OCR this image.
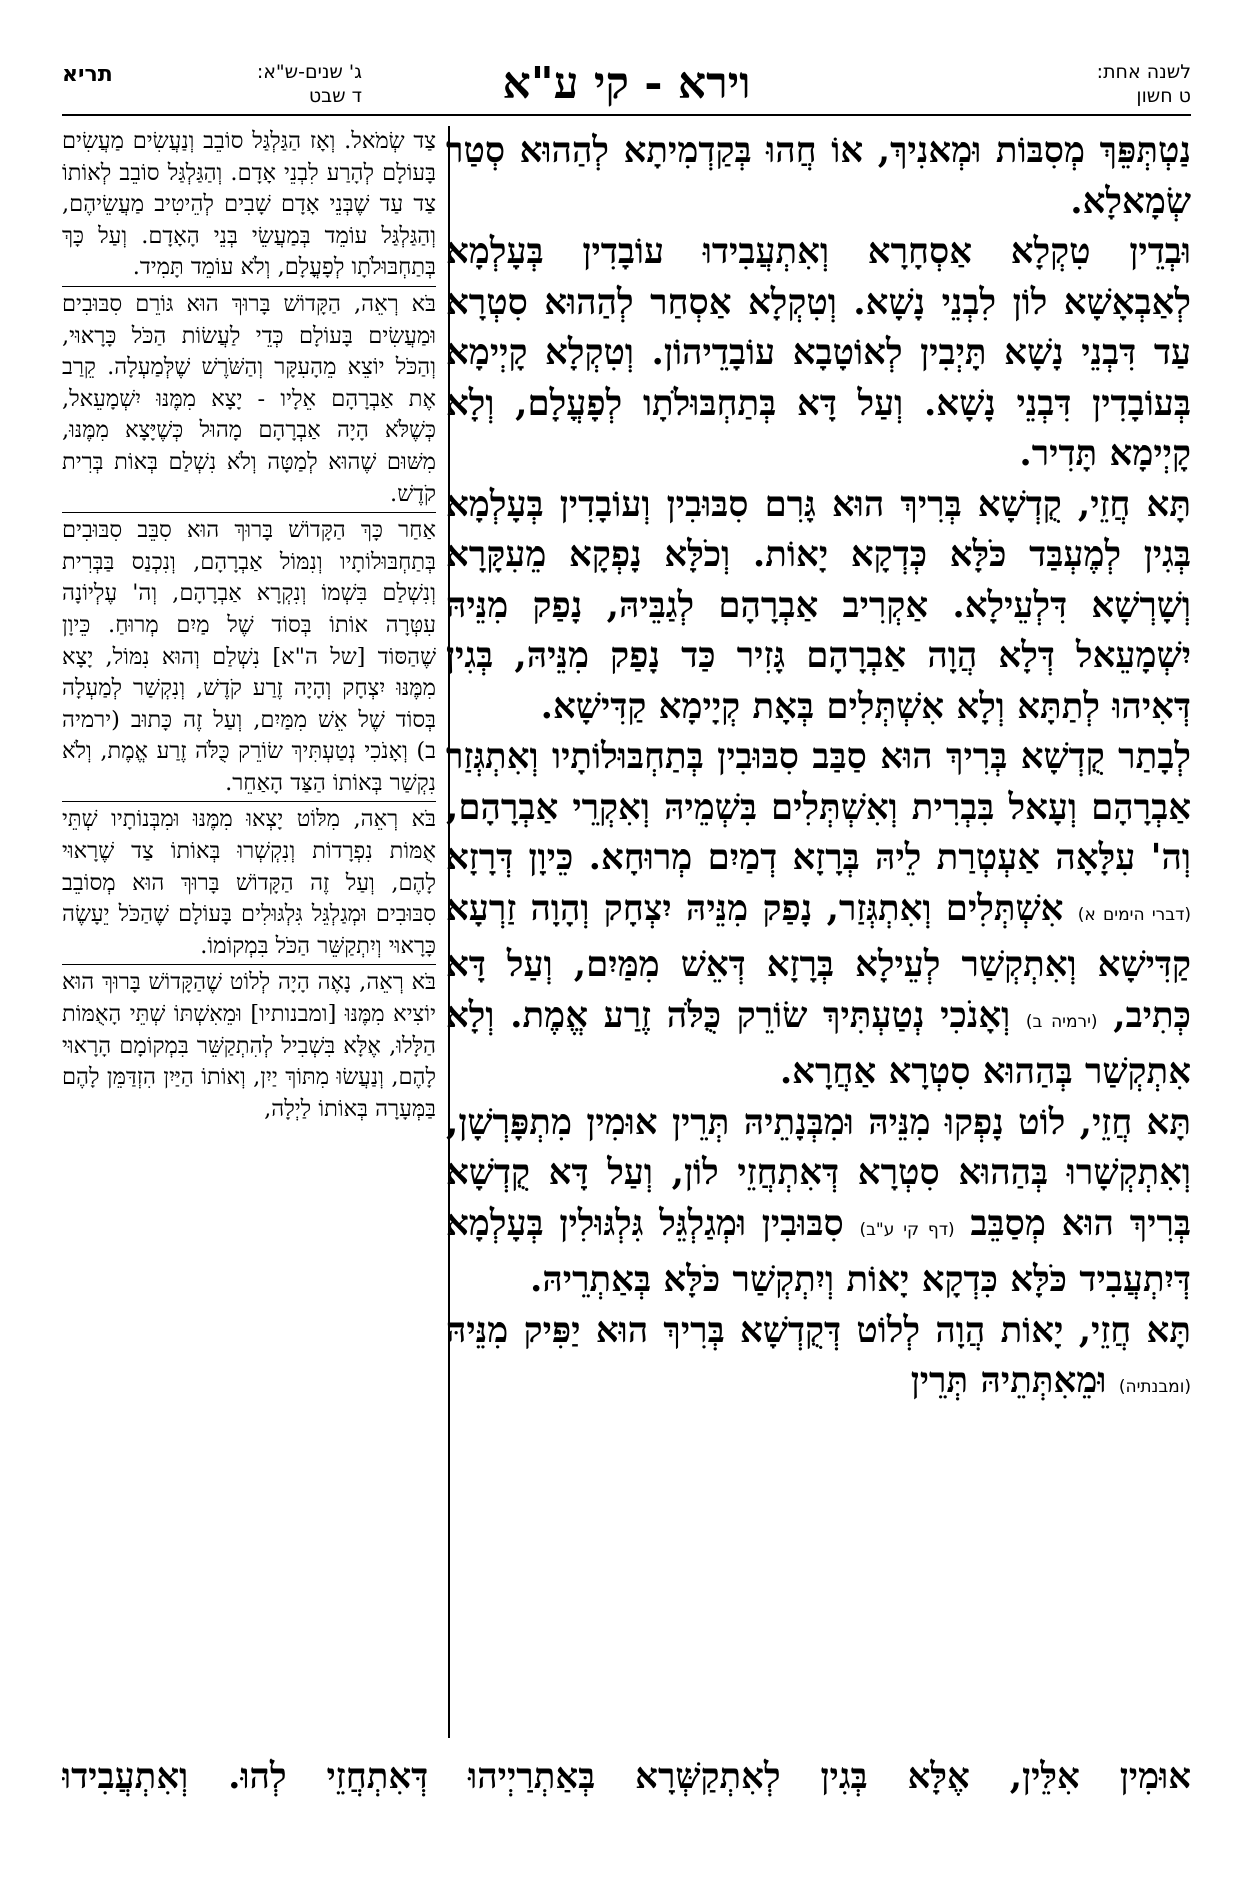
לשנה אחת:
ט חשון
וירא - קי ע"א
ג' שנים-ש"א:
ד שבט
תריא

נַטְתְּפֵּךְ מְסִבּוֹת וּמְאנִיךְ, אוֹ חֲהוּ בְּקַדְמִיתָא לְהַהוּא סְטַר שְׂמָאלָא.

וּבְדֵין טִקְלָא אַסְחָרָא וְאִתְעֲבִידוּ עוֹבָדִין בְּעָלְמָא לְאַבְאָשָׁא לוֹן לִבְנֵי נָשָׁא. וְטִקְלָא אַסְחַר לְהַהוּא סִטְרָא עַד דִּבְנֵי נָשָׁא תָּיְבִין לְאוֹטָבָא עוֹבָדֵיהוֹן. וְטִקְלָא קָיְימָא בְּעוֹבָדִין דִּבְנֵי נָשָׁא. וְעַל דָּא בְּתַחְבּוּלֹתָו לְפָעֳלָם, וְלָא קָיְימָא תָּדִיר.

תָּא חֲזֵי, קֻדְשָׁא בְּרִיךְ הוּא גָּרִם סִבּוּבִין וְעוֹבָדִין בְּעָלְמָא בְּגִין לְמֶעְבַּד כֹּלָּא כְּדְקָא יָאוֹת. וְכֹלָּא נָפְקָא מֵעִקָּרָא וְשָׁרְשָׁא דִּלְעֵילָא. אַקְרִיב אַבְרָהָם לְגַבֵּיהּ, נָפַק מִנֵּיהּ יִשְׁמָעֵאל דְּלָא הֲוָה אַבְרָהָם גָּזִיר כַּד נָפַק מִנֵּיהּ, בְּגִין דְּאִיהוּ לְתַתָּא וְלָא אִשְׁתְּלִים בְּאָת קְיָימָא קַדִּישָׁא.

לְבָתַר קֻדְשָׁא בְּרִיךְ הוּא סַבַּב סִבּוּבִין בְּתַחְבּוּלוֹתָיו וְאִתְגְּזַר אַבְרָהָם וְעָאל בִּבְרִית וְאִשְׁתְּלִים בִּשְׁמֵיהּ וְאִקְרֵי אַבְרָהָם, וְה' עִלָּאָה אַעְטְרַת לֵיהּ בְּרָזָא דְמַיִם מְרוּחָא. כֵּיוָן דְּרָזָא (דברי הימים א) אִשְׁתְּלִים וְאִתְגְּזַר, נָפַק מִנֵּיהּ יִצְחָק וְהָוָה זַרְעָא קַדִּישָׁא וְאִתְקְשַׁר לְעֵילָא בְּרָזָא דְּאֵשׁ מִמַּיִם, וְעַל דָּא כְּתִיב, (ירמיה ב) וְאָנֹכִי נְטַעְתִּיךְ שׂוֹרֵק כֻּלֹּה זֶרַע אֱמֶת. וְלָא אִתְקְשַׁר בְּהַהוּא סִטְרָא אַחֲרָא.

תָּא חֲזֵי, לוֹט נָפְקוּ מִנֵּיהּ וּמִבְּנָתֵיהּ תְּרֵין אוּמִין מִתְפָּרְשָׁן, וְאִתְקְשָׁרוּ בְּהַהוּא סִטְרָא דְּאִתְחֲזֵי לוֹן, וְעַל דָּא קֻדְשָׁא בְּרִיךְ הוּא מְסַבֵּב (דף קי ע"ב) סִבּוּבִין וּמְגַלְגֵּל גִּלְגּוּלִין בְּעָלְמָא דְּיִתְעֲבִיד כֹּלָּא כִּדְקָא יָאוֹת וְיִתְקְשַׁר כֹּלָּא בְּאַתְרֵיהּ.

תָּא חֲזֵי, יָאוֹת הֲוָה לְלוֹט דְּקֻדְשָׁא בְּרִיךְ הוּא יַפִּיק מִנֵּיהּ (ומבנתיה) וּמֵאִתְּתֵיהּ תְּרֵין

צַד שְׂמֹאל. וְאָז הַגַּלְגַּל סוֹבֵב וְנַעֲשִׂים מַעֲשִׂים בָּעוֹלָם לְהָרַע לִבְנֵי אָדָם. וְהַגַּלְגַּל סוֹבֵב לְאוֹתוֹ צַד עַד שֶׁבְּנֵי אָדָם שָׁבִים לְהֵיטִיב מַעֲשֵׂיהֶם, וְהַגַּלְגַּל עוֹמֵד בְּמַעֲשֵׂי בְּנֵי הָאָדָם. וְעַל כָּךְ בְּתַחְבּוּלֹתָו לְפָעֳלָם, וְלֹא עוֹמֵד תָּמִיד.

בֹּא רְאֵה, הַקָּדוֹשׁ בָּרוּךְ הוּא גּוֹרֵם סִבּוּבִים וּמַעֲשִׂים בָּעוֹלָם כְּדֵי לַעֲשׂוֹת הַכֹּל כָּרָאוּי, וְהַכֹּל יוֹצֵא מֵהָעִקָּר וְהַשֹּׁרֶשׁ שֶׁלְּמַעְלָה. קֵרַב אֶת אַבְרָהָם אֵלָיו - יָצָא מִמֶּנּוּ יִשְׁמָעֵאל, כְּשֶׁלֹּא הָיָה אַבְרָהָם מָהוּל כְּשֶׁיָּצָא מִמֶּנּוּ, מִשּׁוּם שֶׁהוּא לְמַטָּה וְלֹא נִשְׁלַם בְּאוֹת בְּרִית קֹדֶשׁ.

אַחַר כָּךְ הַקָּדוֹשׁ בָּרוּךְ הוּא סִבֵּב סִבּוּבִים בְּתַחְבּוּלוֹתָיו וְנִמּוֹל אַבְרָהָם, וְנִכְנַס בַּבְּרִית וְנִשְׁלַם בִּשְׁמוֹ וְנִקְרָא אַבְרָהָם, וְה' עֶלְיוֹנָה עִטְּרָה אוֹתוֹ בְּסוֹד שֶׁל מַיִם מְרוּחַ. כֵּיוָן שֶׁהַסּוֹד [של ה"א] נִשְׁלַם וְהוּא נִמּוֹל, יָצָא מִמֶּנּוּ יִצְחָק וְהָיָה זֶרַע קֹדֶשׁ, וְנִקְשַׁר לְמַעְלָה בְּסוֹד שֶׁל אֵשׁ מִמַּיִם, וְעַל זֶה כָּתוּב (ירמיה ב) וְאָנֹכִי נְטַעְתִּיךְ שׂוֹרֵק כֻּלֹּה זֶרַע אֱמֶת, וְלֹא נִקְשַׁר בְּאוֹתוֹ הַצַּד הָאַחֵר.

בֹּא רְאֵה, מִלּוֹט יָצְאוּ מִמֶּנּוּ וּמִבְּנוֹתָיו שְׁתֵּי אֻמּוֹת נִפְרָדוֹת וְנִקְשְׁרוּ בְּאוֹתוֹ צַד שֶׁרָאוּי לָהֶם, וְעַל זֶה הַקָּדוֹשׁ בָּרוּךְ הוּא מְסוֹבֵב סִבּוּבִים וּמְגַלְגֵּל גִּלְגּוּלִים בָּעוֹלָם שֶׁהַכֹּל יֵעָשֶׂה כָּרָאוּי וְיִתְקַשֵּׁר הַכֹּל בִּמְקוֹמוֹ.

בֹּא רְאֵה, נָאֶה הָיָה לְלוֹט שֶׁהַקָּדוֹשׁ בָּרוּךְ הוּא יוֹצִיא מִמֶּנּוּ [ומבנותיו] וּמֵאִשְׁתּוֹ שְׁתֵּי הָאֻמּוֹת הַלָּלוּ, אֶלָּא בִּשְׁבִיל לְהִתְקַשֵּׁר בִּמְקוֹמָם הָרָאוּי לָהֶם, וְנַעֲשׂוּ מִתּוֹךְ יַיִן, וְאוֹתוֹ הַיַּיִן הִזְדַּמֵּן לָהֶם בַּמְּעָרָה בְּאוֹתוֹ לַיְלָה,

אוּמִין אִלֵּין, אֶלָּא בְּגִין לְאִתְקַשְּׁרָא בְּאַתְרַיְיהוּ דְּאִתְחֲזֵי לְהוּ. וְאִתְעֲבִידוּ
